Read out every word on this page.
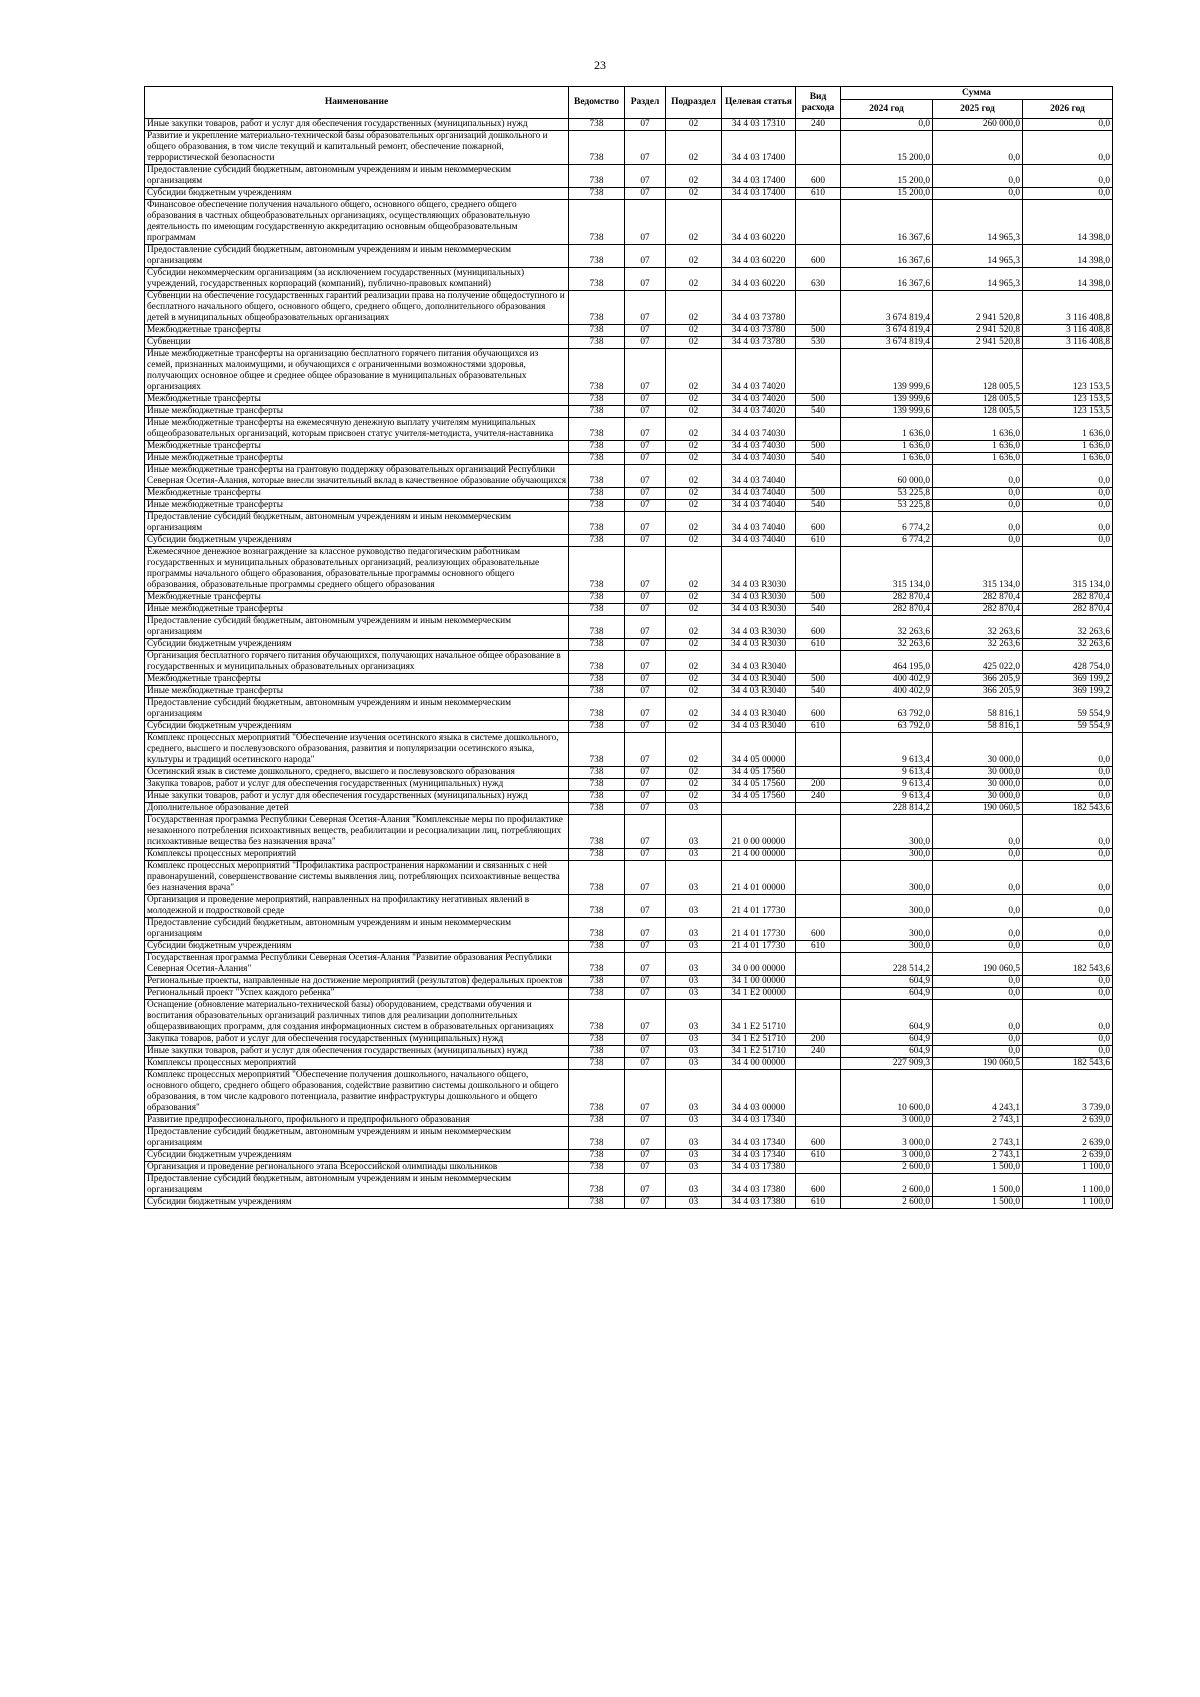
23
Наименование	Ведомство	Раздел	Подраздел	Целевая статья	Вид расхода	Сумма		
						2024 год	2025 год	2026 год
Иные закупки товаров, работ и услуг для обеспечения государственных (муниципальных) нужд	738	07	02	34 4 03 17310	240	0,0	260 000,0	0,0
Развитие и укрепление материально-технической базы образовательных организаций дошкольного и общего образования, в том числе текущий и капитальный ремонт, обеспечение пожарной, террористической безопасности	738	07	02	34 4 03 17400		15 200,0	0,0	0,0
Предоставление субсидий бюджетным, автономным учреждениям и иным некоммерческим организациям	738	07	02	34 4 03 17400	600	15 200,0	0,0	0,0
Субсидии бюджетным учреждениям	738	07	02	34 4 03 17400	610	15 200,0	0,0	0,0
Финансовое обеспечение получения начального общего, основного общего, среднего общего образования в частных общеобразовательных организациях, осуществляющих образовательную деятельность по имеющим государственную аккредитацию основным общеобразовательным программам	738	07	02	34 4 03 60220		16 367,6	14 965,3	14 398,0
Предоставление субсидий бюджетным, автономным учреждениям и иным некоммерческим организациям	738	07	02	34 4 03 60220	600	16 367,6	14 965,3	14 398,0
Субсидии некоммерческим организациям (за исключением государственных (муниципальных) учреждений, государственных корпораций (компаний), публично-правовых компаний)	738	07	02	34 4 03 60220	630	16 367,6	14 965,3	14 398,0
Субвенции на обеспечение государственных гарантий реализации права на получение общедоступного и бесплатного начального общего, основного общего, среднего общего, дополнительного образования детей в муниципальных общеобразовательных организациях	738	07	02	34 4 03 73780		3 674 819,4	2 941 520,8	3 116 408,8
Межбюджетные трансферты	738	07	02	34 4 03 73780	500	3 674 819,4	2 941 520,8	3 116 408,8
Субвенции	738	07	02	34 4 03 73780	530	3 674 819,4	2 941 520,8	3 116 408,8
Иные межбюджетные трансферты на организацию бесплатного горячего питания обучающихся из семей, признанных малоимущими, и обучающихся с ограниченными возможностями здоровья, получающих основное общее и среднее общее образование в муниципальных образовательных организациях	738	07	02	34 4 03 74020		139 999,6	128 005,5	123 153,5
Межбюджетные трансферты	738	07	02	34 4 03 74020	500	139 999,6	128 005,5	123 153,5
Иные межбюджетные трансферты	738	07	02	34 4 03 74020	540	139 999,6	128 005,5	123 153,5
Иные межбюджетные трансферты на ежемесячную денежную выплату учителям муниципальных общеобразовательных организаций, которым присвоен статус учителя-методиста, учителя-наставника	738	07	02	34 4 03 74030		1 636,0	1 636,0	1 636,0
Межбюджетные трансферты	738	07	02	34 4 03 74030	500	1 636,0	1 636,0	1 636,0
Иные межбюджетные трансферты	738	07	02	34 4 03 74030	540	1 636,0	1 636,0	1 636,0
Иные межбюджетные трансферты на грантовую поддержку образовательных организаций Республики Северная Осетия-Алания, которые внесли значительный вклад в качественное образование обучающихся	738	07	02	34 4 03 74040		60 000,0	0,0	0,0
Межбюджетные трансферты	738	07	02	34 4 03 74040	500	53 225,8	0,0	0,0
Иные межбюджетные трансферты	738	07	02	34 4 03 74040	540	53 225,8	0,0	0,0
Предоставление субсидий бюджетным, автономным учреждениям и иным некоммерческим организациям	738	07	02	34 4 03 74040	600	6 774,2	0,0	0,0
Субсидии бюджетным учреждениям	738	07	02	34 4 03 74040	610	6 774,2	0,0	0,0
Ежемесячное денежное вознаграждение за классное руководство педагогическим работникам государственных и муниципальных образовательных организаций, реализующих образовательные программы начального общего образования, образовательные программы основного общего образования, образовательные программы среднего общего образования	738	07	02	34 4 03 R3030		315 134,0	315 134,0	315 134,0
Межбюджетные трансферты	738	07	02	34 4 03 R3030	500	282 870,4	282 870,4	282 870,4
Иные межбюджетные трансферты	738	07	02	34 4 03 R3030	540	282 870,4	282 870,4	282 870,4
Предоставление субсидий бюджетным, автономным учреждениям и иным некоммерческим организациям	738	07	02	34 4 03 R3030	600	32 263,6	32 263,6	32 263,6
Субсидии бюджетным учреждениям	738	07	02	34 4 03 R3030	610	32 263,6	32 263,6	32 263,6
Организация бесплатного горячего питания обучающихся, получающих начальное общее образование в государственных и муниципальных образовательных организациях	738	07	02	34 4 03 R3040		464 195,0	425 022,0	428 754,0
Межбюджетные трансферты	738	07	02	34 4 03 R3040	500	400 402,9	366 205,9	369 199,2
Иные межбюджетные трансферты	738	07	02	34 4 03 R3040	540	400 402,9	366 205,9	369 199,2
Предоставление субсидий бюджетным, автономным учреждениям и иным некоммерческим организациям	738	07	02	34 4 03 R3040	600	63 792,0	58 816,1	59 554,9
Субсидии бюджетным учреждениям	738	07	02	34 4 03 R3040	610	63 792,0	58 816,1	59 554,9
Комплекс процессных мероприятий "Обеспечение изучения осетинского языка в системе дошкольного, среднего, высшего и послевузовского образования, развития и популяризации осетинского языка, культуры и традиций осетинского народа"	738	07	02	34 4 05 00000		9 613,4	30 000,0	0,0
Осетинский язык в системе дошкольного, среднего, высшего и послевузовского образования	738	07	02	34 4 05 17560		9 613,4	30 000,0	0,0
Закупка товаров, работ и услуг для обеспечения государственных (муниципальных) нужд	738	07	02	34 4 05 17560	200	9 613,4	30 000,0	0,0
Иные закупки товаров, работ и услуг для обеспечения государственных (муниципальных) нужд	738	07	02	34 4 05 17560	240	9 613,4	30 000,0	0,0
Дополнительное образование детей	738	07	03			228 814,2	190 060,5	182 543,6
Государственная программа Республики Северная Осетия-Алания "Комплексные меры по профилактике незаконного потребления психоактивных веществ, реабилитации и ресоциализации лиц, потребляющих психоактивные вещества без назначения врача"	738	07	03	21 0 00 00000		300,0	0,0	0,0
Комплексы процессных мероприятий	738	07	03	21 4 00 00000		300,0	0,0	0,0
Комплекс процессных мероприятий "Профилактика распространения наркомании и связанных с ней правонарушений, совершенствование системы выявления лиц, потребляющих психоактивные вещества без назначения врача"	738	07	03	21 4 01 00000		300,0	0,0	0,0
Организация и проведение мероприятий, направленных на профилактику негативных явлений в молодежной и подростковой среде	738	07	03	21 4 01 17730		300,0	0,0	0,0
Предоставление субсидий бюджетным, автономным учреждениям и иным некоммерческим организациям	738	07	03	21 4 01 17730	600	300,0	0,0	0,0
Субсидии бюджетным учреждениям	738	07	03	21 4 01 17730	610	300,0	0,0	0,0
Государственная программа Республики Северная Осетия-Алания "Развитие образования Республики Северная Осетия-Алания"	738	07	03	34 0 00 00000		228 514,2	190 060,5	182 543,6
Региональные проекты, направленные на достижение мероприятий (результатов) федеральных проектов	738	07	03	34 1 00 00000		604,9	0,0	0,0
Региональный проект "Успех каждого ребенка"	738	07	03	34 1 E2 00000		604,9	0,0	0,0
Оснащение (обновление материально-технической базы) оборудованием, средствами обучения и воспитания образовательных организаций различных типов для реализации дополнительных общеразвивающих программ, для создания информационных систем в образовательных организациях	738	07	03	34 1 E2 51710		604,9	0,0	0,0
Закупка товаров, работ и услуг для обеспечения государственных (муниципальных) нужд	738	07	03	34 1 E2 51710	200	604,9	0,0	0,0
Иные закупки товаров, работ и услуг для обеспечения государственных (муниципальных) нужд	738	07	03	34 1 E2 51710	240	604,9	0,0	0,0
Комплексы процессных мероприятий	738	07	03	34 4 00 00000		227 909,3	190 060,5	182 543,6
Комплекс процессных мероприятий "Обеспечение получения дошкольного, начального общего, основного общего, среднего общего образования, содействие развитию системы дошкольного и общего образования, в том числе кадрового потенциала, развитие инфраструктуры дошкольного и общего образования"	738	07	03	34 4 03 00000		10 600,0	4 243,1	3 739,0
Развитие предпрофессионального, профильного и предпрофильного образования	738	07	03	34 4 03 17340		3 000,0	2 743,1	2 639,0
Предоставление субсидий бюджетным, автономным учреждениям и иным некоммерческим организациям	738	07	03	34 4 03 17340	600	3 000,0	2 743,1	2 639,0
Субсидии бюджетным учреждениям	738	07	03	34 4 03 17340	610	3 000,0	2 743,1	2 639,0
Организация и проведение регионального этапа Всероссийской олимпиады школьников	738	07	03	34 4 03 17380		2 600,0	1 500,0	1 100,0
Предоставление субсидий бюджетным, автономным учреждениям и иным некоммерческим организациям	738	07	03	34 4 03 17380	600	2 600,0	1 500,0	1 100,0
Субсидии бюджетным учреждениям	738	07	03	34 4 03 17380	610	2 600,0	1 500,0	1 100,0
